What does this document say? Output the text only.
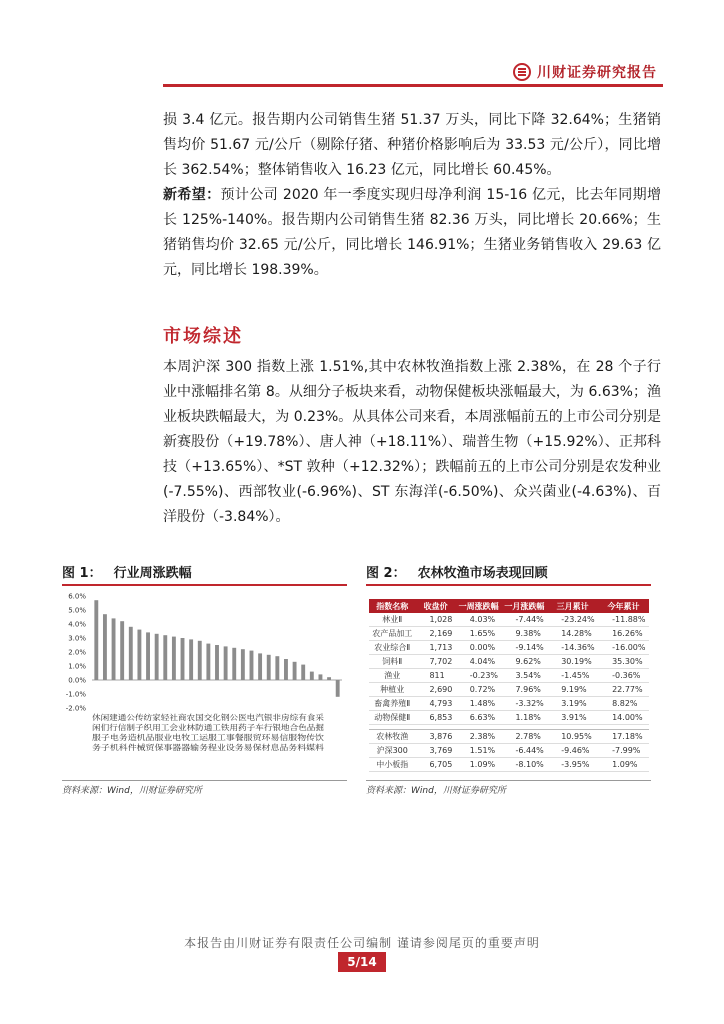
川财证券研究报告

损 3.4 亿元。报告期内公司销售生猪 51.37 万头，同比下降 32.64%；生猪销售均价 51.67 元/公斤（剔除仔猪、种猪价格影响后为 33.53 元/公斤），同比增长 362.54%；整体销售收入 16.23 亿元，同比增长 60.45%。

新希望：预计公司 2020 年一季度实现归母净利润 15-16 亿元，比去年同期增长 125%-140%。报告期内公司销售生猪 82.36 万头，同比增长 20.66%；生猪销售均价 32.65 元/公斤，同比增长 146.91%；生猪业务销售收入 29.63 亿元，同比增长 198.39%。

市场综述

本周沪深 300 指数上涨 1.51%,其中农林牧渔指数上涨 2.38%，在 28 个子行业中涨幅排名第 8。从细分子板块来看，动物保健板块涨幅最大，为 6.63%；渔业板块跌幅最大，为 0.23%。从具体公司来看，本周涨幅前五的上市公司分别是新赛股份（+19.78%）、唐人神（+18.11%）、瑞普生物（+15.92%）、正邦科技（+13.65%）、*ST 敦种（+12.32%）；跌幅前五的上市公司分别是农发种业(-7.55%)、西部牧业(-6.96%)、ST 东海洋(-6.50%)、众兴菌业(-4.63%)、百洋股份（-3.84%）。

图 1： 行业周涨跌幅
6.0%
5.0%
4.0%
3.0%
2.0%
1.0%
0.0%
-1.0%
-2.0%
休闲建通公传纺家轻社商农国交化钢公医电汽银非房综有食采
闲们行信制子织用工会业林防通工铁用药子车行银地合色品掘
服子电务造机品服业电牧工运服工事餐服贸环易信服物传饮
务子机科件械贸保事器器输务程业设务易保材息品务料媒料
资料来源：Wind，川财证券研究所
图 2： 农林牧渔市场表现回顾
指数名称	收盘价	一周涨跌幅	一月涨跌幅	三月累计	今年累计
林业Ⅱ	1,028	4.03%	-7.44%	-23.24%	-11.88%
农产品加工	2,169	1.65%	9.38%	14.28%	16.26%
农业综合Ⅱ	1,713	0.00%	-9.14%	-14.36%	-16.00%
饲料Ⅱ	7,702	4.04%	9.62%	30.19%	35.30%
渔业	811	-0.23%	3.54%	-1.45%	-0.36%
种植业	2,690	0.72%	7.96%	9.19%	22.77%
畜禽养殖Ⅱ	4,793	1.48%	-3.32%	3.19%	8.82%
动物保健Ⅱ	6,853	6.63%	1.18%	3.91%	14.00%

农林牧渔	3,876	2.38%	2.78%	10.95%	17.18%
沪深300	3,769	1.51%	-6.44%	-9.46%	-7.99%
中小板指	6,705	1.09%	-8.10%	-3.95%	1.09%
资料来源：Wind，川财证券研究所
本报告由川财证券有限责任公司编制 谨请参阅尾页的重要声明
5/14
